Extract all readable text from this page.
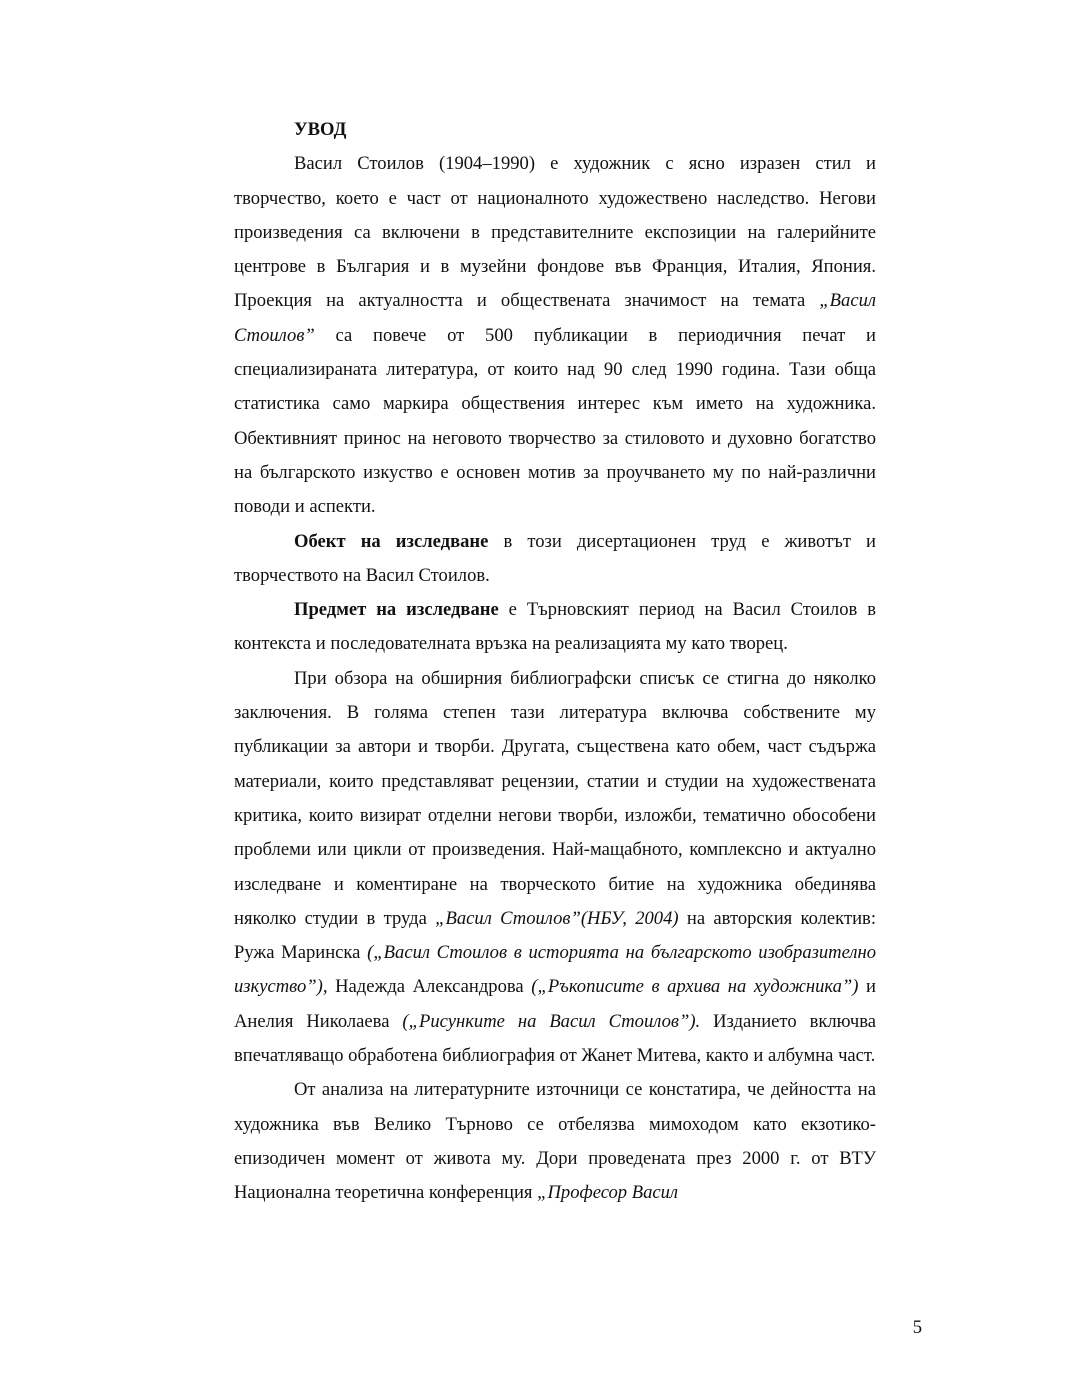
УВОД

Васил Стоилов (1904–1990) е художник с ясно изразен стил и творчество, което е част от националното художествено наследство. Негови произведения са включени в представителните експозиции на галерийните центрове в България и в музейни фондове във Франция, Италия, Япония. Проекция на актуалността и обществената значимост на темата „Васил Стоилов” са повече от 500 публикации в периодичния печат и специализираната литература, от които над 90 след 1990 година. Тази обща статистика само маркира обществения интерес към името на художника. Обективният принос на неговото творчество за стиловото и духовно богатство на българското изкуство е основен мотив за проучването му по най-различни поводи и аспекти.

Обект на изследване в този дисертационен труд е животът и творчеството на Васил Стоилов.

Предмет на изследване е Търновският период на Васил Стоилов в контекста и последователната връзка на реализацията му като творец.

При обзора на обширния библиографски списък се стигна до няколко заключения. В голяма степен тази литература включва собствените му публикации за автори и творби. Другата, съществена като обем, част съдържа материали, които представляват рецензии, статии и студии на художествената критика, които визират отделни негови творби, изложби, тематично обособени проблеми или цикли от произведения. Най-мащабното, комплексно и актуално изследване и коментиране на творческото битие на художника обединява няколко студии в труда „Васил Стоилов”(НБУ, 2004) на авторския колектив: Ружа Маринска („Васил Стоилов в историята на българското изобразително изкуство”), Надежда Александрова („Ръкописите в архива на художника”) и Анелия Николаева („Рисунките на Васил Стоилов”). Изданието включва впечатляващо обработена библиография от Жанет Митева, както и албумна част.

От анализа на литературните източници се констатира, че дейността на художника във Велико Търново се отбелязва мимоходом като екзотико-епизодичен момент от живота му. Дори проведената през 2000 г. от ВТУ Национална теоретична конференция „Професор Васил

5
